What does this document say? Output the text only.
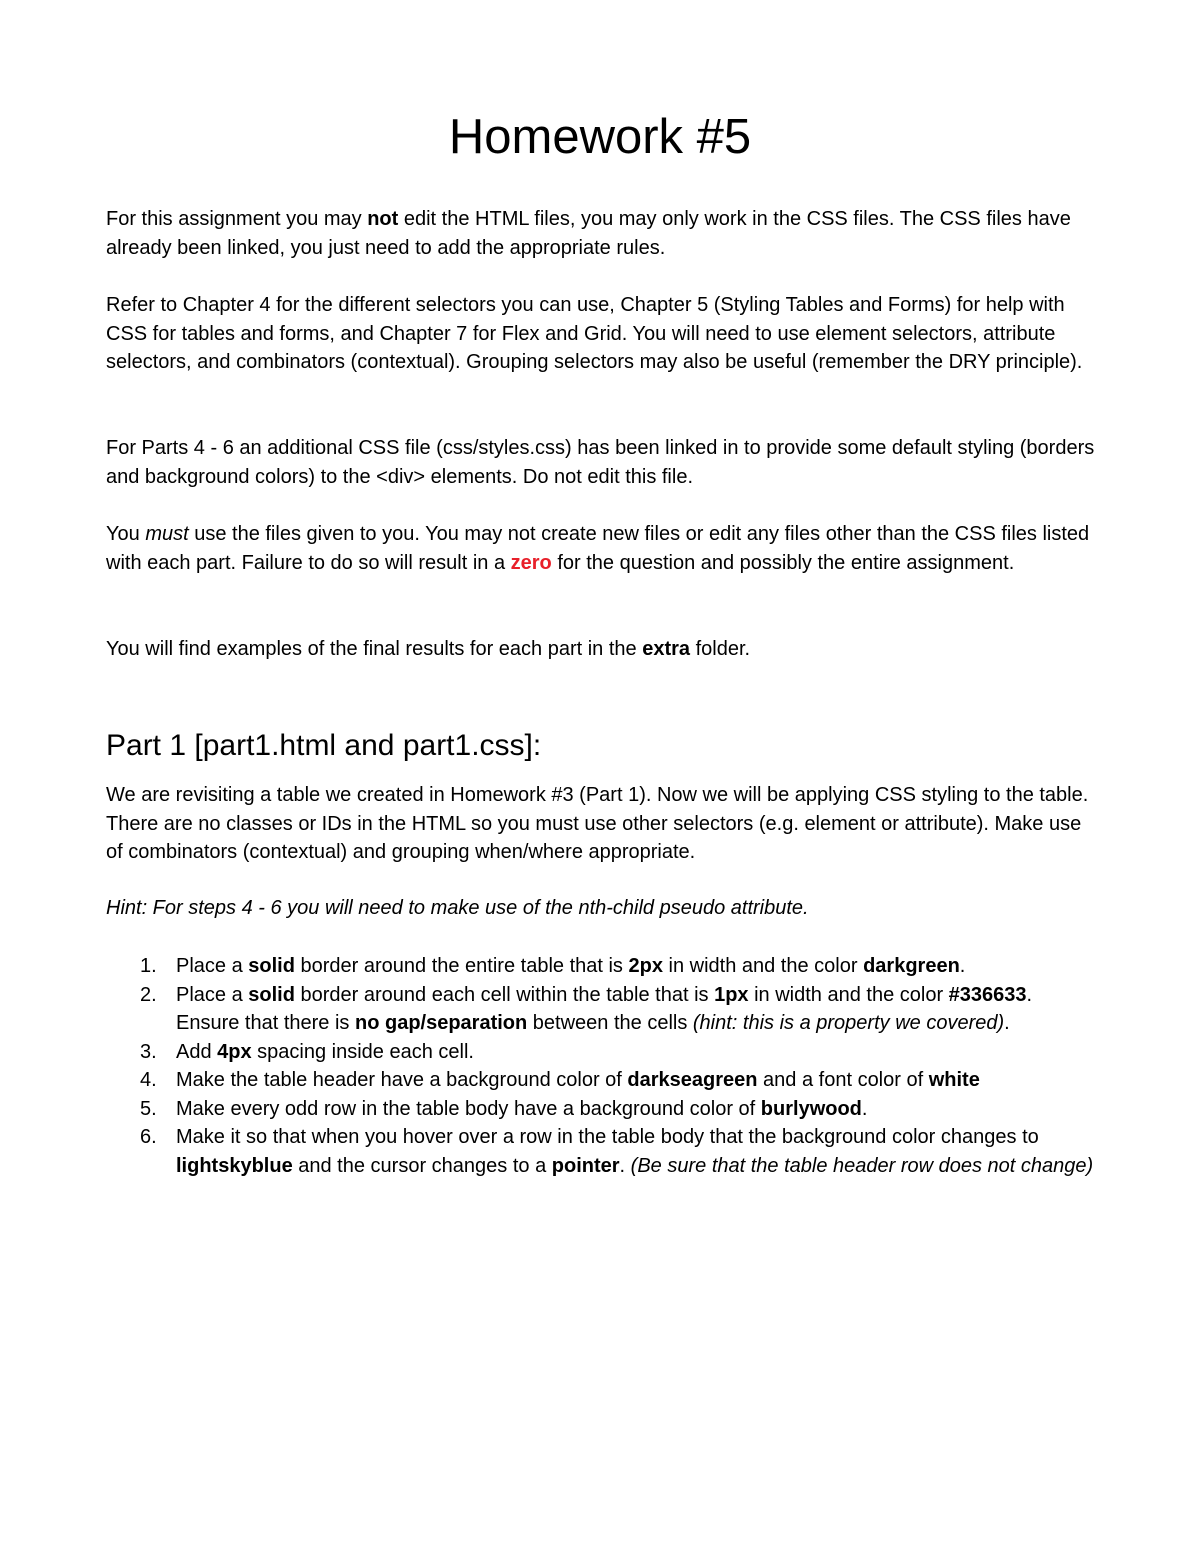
Homework #5

For this assignment you may not edit the HTML files, you may only work in the CSS files. The CSS files have already been linked, you just need to add the appropriate rules.

Refer to Chapter 4 for the different selectors you can use, Chapter 5 (Styling Tables and Forms) for help with CSS for tables and forms, and Chapter 7 for Flex and Grid. You will need to use element selectors, attribute selectors, and combinators (contextual). Grouping selectors may also be useful (remember the DRY principle).

For Parts 4 - 6 an additional CSS file (css/styles.css) has been linked in to provide some default styling (borders and background colors) to the <div> elements. Do not edit this file.

You must use the files given to you. You may not create new files or edit any files other than the CSS files listed with each part. Failure to do so will result in a zero for the question and possibly the entire assignment.

You will find examples of the final results for each part in the extra folder.

Part 1 [part1.html and part1.css]:

We are revisiting a table we created in Homework #3 (Part 1). Now we will be applying CSS styling to the table. There are no classes or IDs in the HTML so you must use other selectors (e.g. element or attribute). Make use of combinators (contextual) and grouping when/where appropriate.

Hint: For steps 4 - 6 you will need to make use of the nth-child pseudo attribute.

1. Place a solid border around the entire table that is 2px in width and the color darkgreen.
2. Place a solid border around each cell within the table that is 1px in width and the color #336633. Ensure that there is no gap/separation between the cells (hint: this is a property we covered).
3. Add 4px spacing inside each cell.
4. Make the table header have a background color of darkseagreen and a font color of white
5. Make every odd row in the table body have a background color of burlywood.
6. Make it so that when you hover over a row in the table body that the background color changes to lightskyblue and the cursor changes to a pointer. (Be sure that the table header row does not change)
